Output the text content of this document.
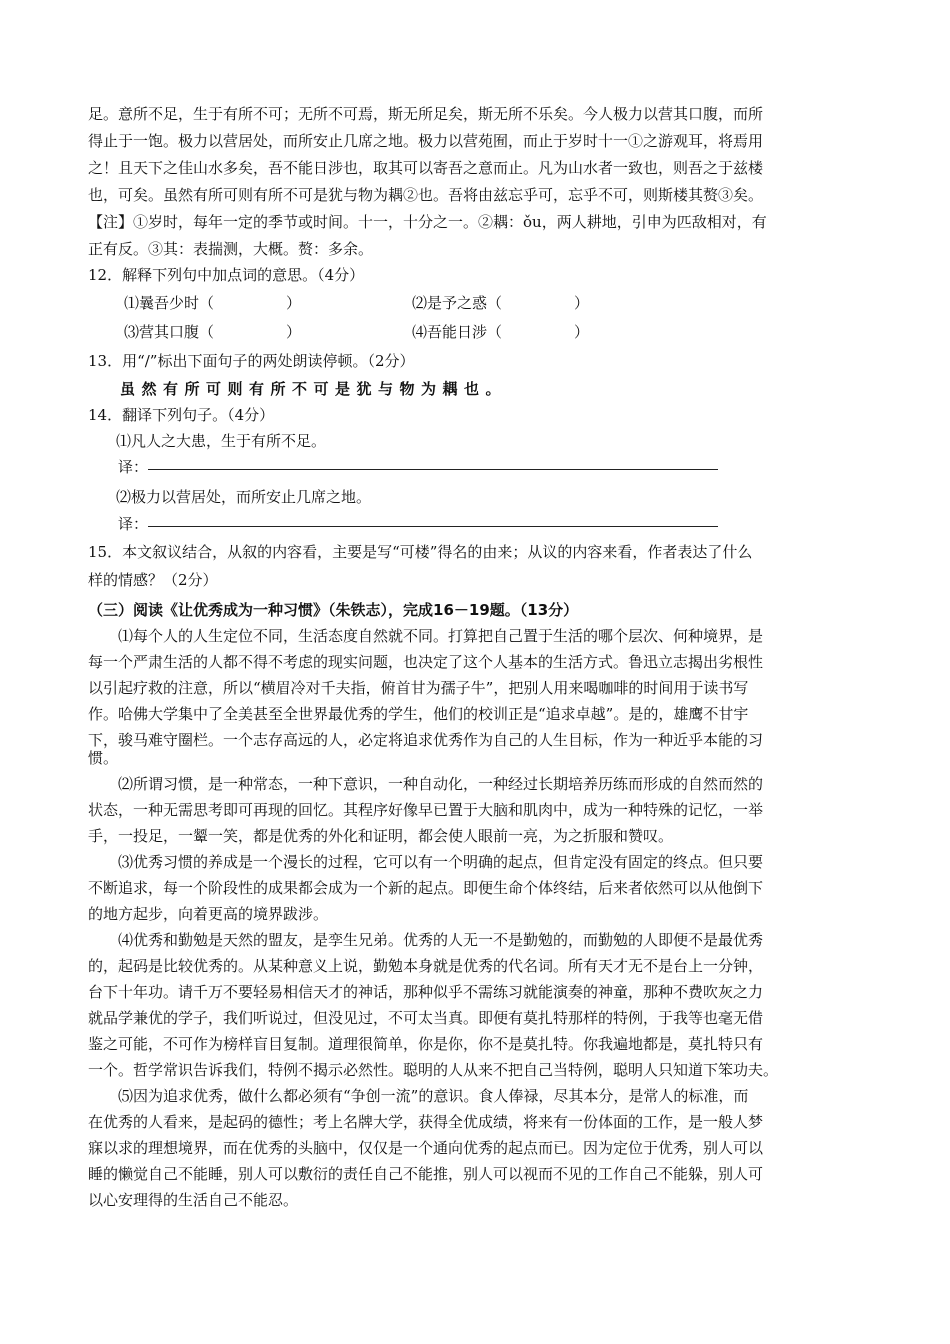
足。意所不足，生于有所不可；无所不可焉，斯无所足矣，斯无所不乐矣。今人极力以营其口腹，而所
得止于一饱。极力以营居处，而所安止几席之地。极力以营苑囿，而止于岁时十一①之游观耳，将焉用
之！且天下之佳山水多矣，吾不能日涉也，取其可以寄吾之意而止。凡为山水者一致也，则吾之于兹楼
也，可矣。虽然有所可则有所不可是犹与物为耦②也。吾将由兹忘乎可，忘乎不可，则斯楼其赘③矣。
【注】①岁时，每年一定的季节或时间。十一，十分之一。②耦：ǒu，两人耕地，引申为匹敌相对，有
正有反。③其：表揣测，大概。赘：多余。
12．解释下列句中加点词的意思。（4分）
⑴曩吾少时（	）	⑵是予之惑（	）
⑶营其口腹（	）	⑷吾能日涉（	）
13．用“/”标出下面句子的两处朗读停顿。（2分）
虽然有所可则有所不可是犹与物为耦也。
14．翻译下列句子。（4分）
⑴凡人之大患，生于有所不足。
译：
⑵极力以营居处，而所安止几席之地。
译：
15．本文叙议结合，从叙的内容看，主要是写“可楼”得名的由来；从议的内容来看，作者表达了什么
样的情感？（2分）
（三）阅读《让优秀成为一种习惯》（朱铁志），完成16－19题。（13分）
⑴每个人的人生定位不同，生活态度自然就不同。打算把自己置于生活的哪个层次、何种境界，是
每一个严肃生活的人都不得不考虑的现实问题，也决定了这个人基本的生活方式。鲁迅立志揭出劣根性
以引起疗救的注意，所以“横眉冷对千夫指，俯首甘为孺子牛”，把别人用来喝咖啡的时间用于读书写
作。哈佛大学集中了全美甚至全世界最优秀的学生，他们的校训正是“追求卓越”。是的，雄鹰不甘宇
下，骏马难守圈栏。一个志存高远的人，必定将追求优秀作为自己的人生目标，作为一种近乎本能的习
惯。
⑵所谓习惯，是一种常态，一种下意识，一种自动化，一种经过长期培养历练而形成的自然而然的
状态，一种无需思考即可再现的回忆。其程序好像早已置于大脑和肌肉中，成为一种特殊的记忆，一举
手，一投足，一颦一笑，都是优秀的外化和证明，都会使人眼前一亮，为之折服和赞叹。
⑶优秀习惯的养成是一个漫长的过程，它可以有一个明确的起点，但肯定没有固定的终点。但只要
不断追求，每一个阶段性的成果都会成为一个新的起点。即便生命个体终结，后来者依然可以从他倒下
的地方起步，向着更高的境界跋涉。
⑷优秀和勤勉是天然的盟友，是孪生兄弟。优秀的人无一不是勤勉的，而勤勉的人即便不是最优秀
的，起码是比较优秀的。从某种意义上说，勤勉本身就是优秀的代名词。所有天才无不是台上一分钟，
台下十年功。请千万不要轻易相信天才的神话，那种似乎不需练习就能演奏的神童，那种不费吹灰之力
就品学兼优的学子，我们听说过，但没见过，不可太当真。即便有莫扎特那样的特例，于我等也毫无借
鉴之可能，不可作为榜样盲目复制。道理很简单，你是你，你不是莫扎特。你我遍地都是，莫扎特只有
一个。哲学常识告诉我们，特例不揭示必然性。聪明的人从来不把自己当特例，聪明人只知道下笨功夫。
⑸因为追求优秀，做什么都必须有“争创一流”的意识。食人俸禄，尽其本分，是常人的标准，而
在优秀的人看来，是起码的德性；考上名牌大学，获得全优成绩，将来有一份体面的工作，是一般人梦
寐以求的理想境界，而在优秀的头脑中，仅仅是一个通向优秀的起点而已。因为定位于优秀，别人可以
睡的懒觉自己不能睡，别人可以敷衍的责任自己不能推，别人可以视而不见的工作自己不能躲，别人可
以心安理得的生活自己不能忍。
